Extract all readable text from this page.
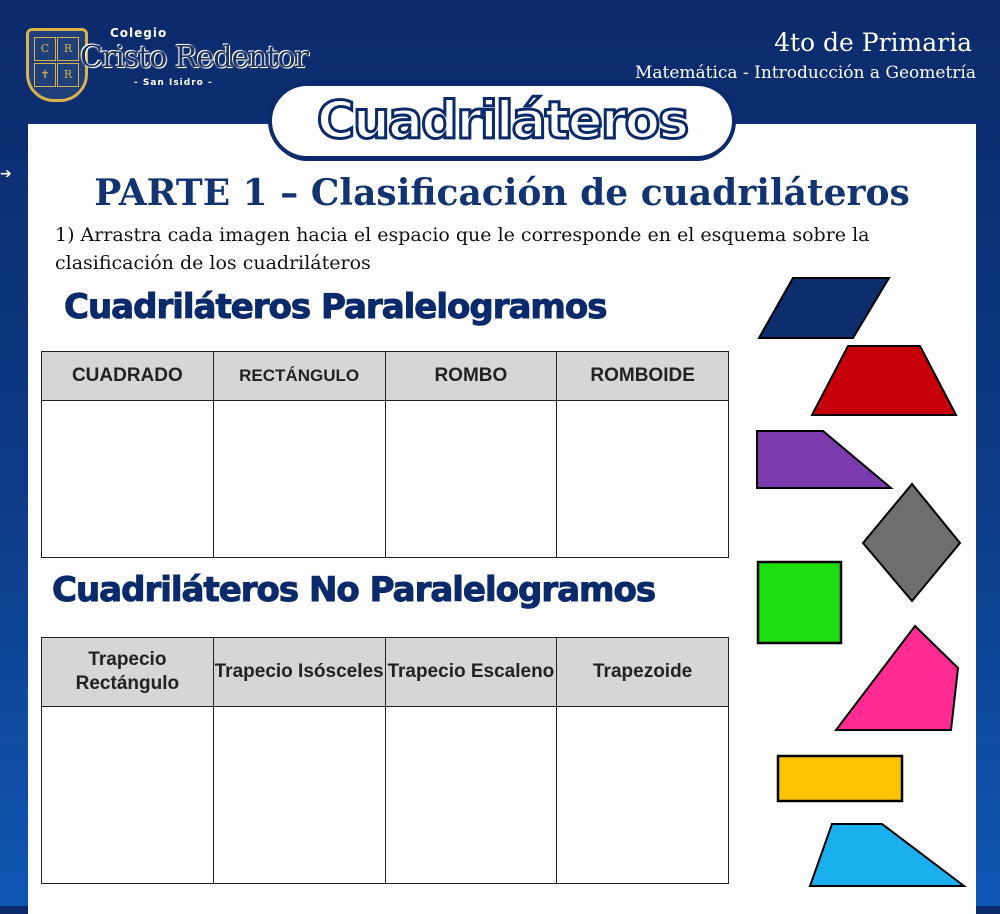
C	R
✝	R
Colegio
Cristo Redentor
- San Isidro -
4to de Primaria
Matemática - Introducción a Geometría
Cuadriláteros
➔	PARTE 1 – Clasificación de cuadriláteros
1) Arrastra cada imagen hacia el espacio que le corresponde en el esquema sobre la clasificación de los cuadriláteros
Cuadriláteros Paralelogramos
CUADRADO	RECTÁNGULO	ROMBO	ROMBOIDE

Cuadriláteros No Paralelogramos
Trapecio Rectángulo	Trapecio Isósceles	Trapecio Escaleno	Trapezoide
